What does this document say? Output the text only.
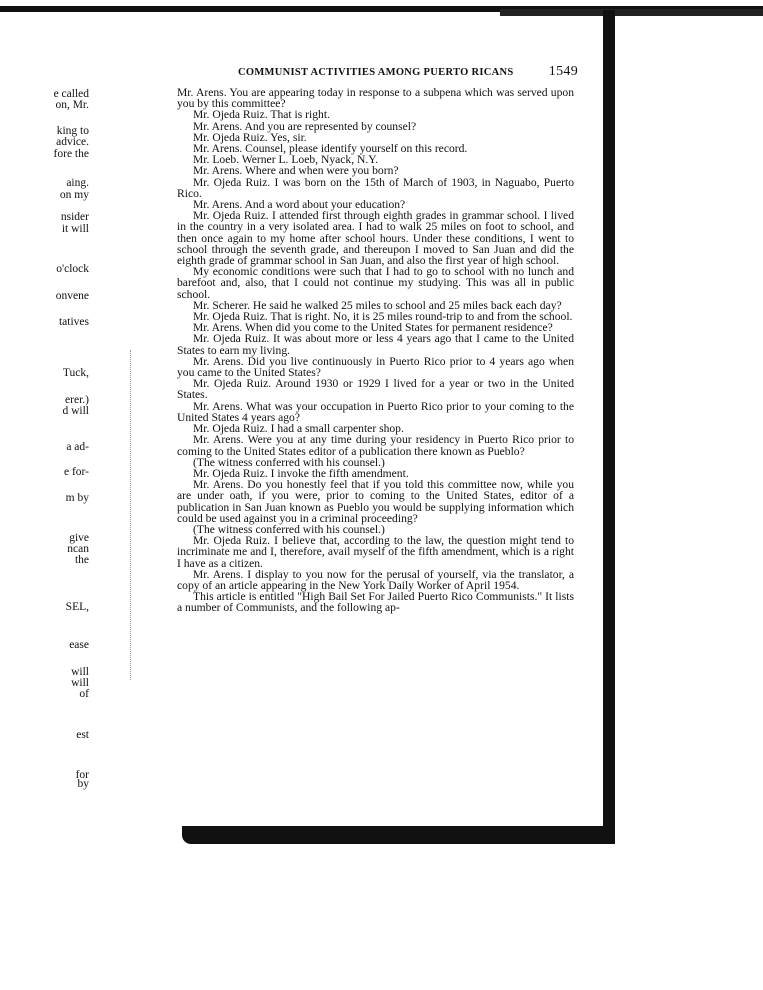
e called
on, Mr.
king to
advice.
fore the
aing.
on my
nsider
it will
o'clock
onvene
tatives
Tuck,
erer.)
d will
a ad-
e for-
m by
give
ncan
the
SEL,
ease
will
will
of
est
for
by
COMMUNIST ACTIVITIES AMONG PUERTO RICANS	1549

Mr. Arens. You are appearing today in response to a subpena which was served upon you by this committee?

Mr. Ojeda Ruiz. That is right.

Mr. Arens. And you are represented by counsel?

Mr. Ojeda Ruiz. Yes, sir.

Mr. Arens. Counsel, please identify yourself on this record.

Mr. Loeb. Werner L. Loeb, Nyack, N.Y.

Mr. Arens. Where and when were you born?

Mr. Ojeda Ruiz. I was born on the 15th of March of 1903, in Naguabo, Puerto Rico.

Mr. Arens. And a word about your education?

Mr. Ojeda Ruiz. I attended first through eighth grades in grammar school. I lived in the country in a very isolated area. I had to walk 25 miles on foot to school, and then once again to my home after school hours. Under these conditions, I went to school through the seventh grade, and thereupon I moved to San Juan and did the eighth grade of grammar school in San Juan, and also the first year of high school.

My economic conditions were such that I had to go to school with no lunch and barefoot and, also, that I could not continue my studying. This was all in public school.

Mr. Scherer. He said he walked 25 miles to school and 25 miles back each day?

Mr. Ojeda Ruiz. That is right. No, it is 25 miles round-trip to and from the school.

Mr. Arens. When did you come to the United States for permanent residence?

Mr. Ojeda Ruiz. It was about more or less 4 years ago that I came to the United States to earn my living.

Mr. Arens. Did you live continuously in Puerto Rico prior to 4 years ago when you came to the United States?

Mr. Ojeda Ruiz. Around 1930 or 1929 I lived for a year or two in the United States.

Mr. Arens. What was your occupation in Puerto Rico prior to your coming to the United States 4 years ago?

Mr. Ojeda Ruiz. I had a small carpenter shop.

Mr. Arens. Were you at any time during your residency in Puerto Rico prior to coming to the United States editor of a publication there known as Pueblo?

(The witness conferred with his counsel.)

Mr. Ojeda Ruiz. I invoke the fifth amendment.

Mr. Arens. Do you honestly feel that if you told this committee now, while you are under oath, if you were, prior to coming to the United States, editor of a publication in San Juan known as Pueblo you would be supplying information which could be used against you in a criminal proceeding?

(The witness conferred with his counsel.)

Mr. Ojeda Ruiz. I believe that, according to the law, the question might tend to incriminate me and I, therefore, avail myself of the fifth amendment, which is a right I have as a citizen.

Mr. Arens. I display to you now for the perusal of yourself, via the translator, a copy of an article appearing in the New York Daily Worker of April 1954.

This article is entitled "High Bail Set For Jailed Puerto Rico Communists." It lists a number of Communists, and the following ap-
